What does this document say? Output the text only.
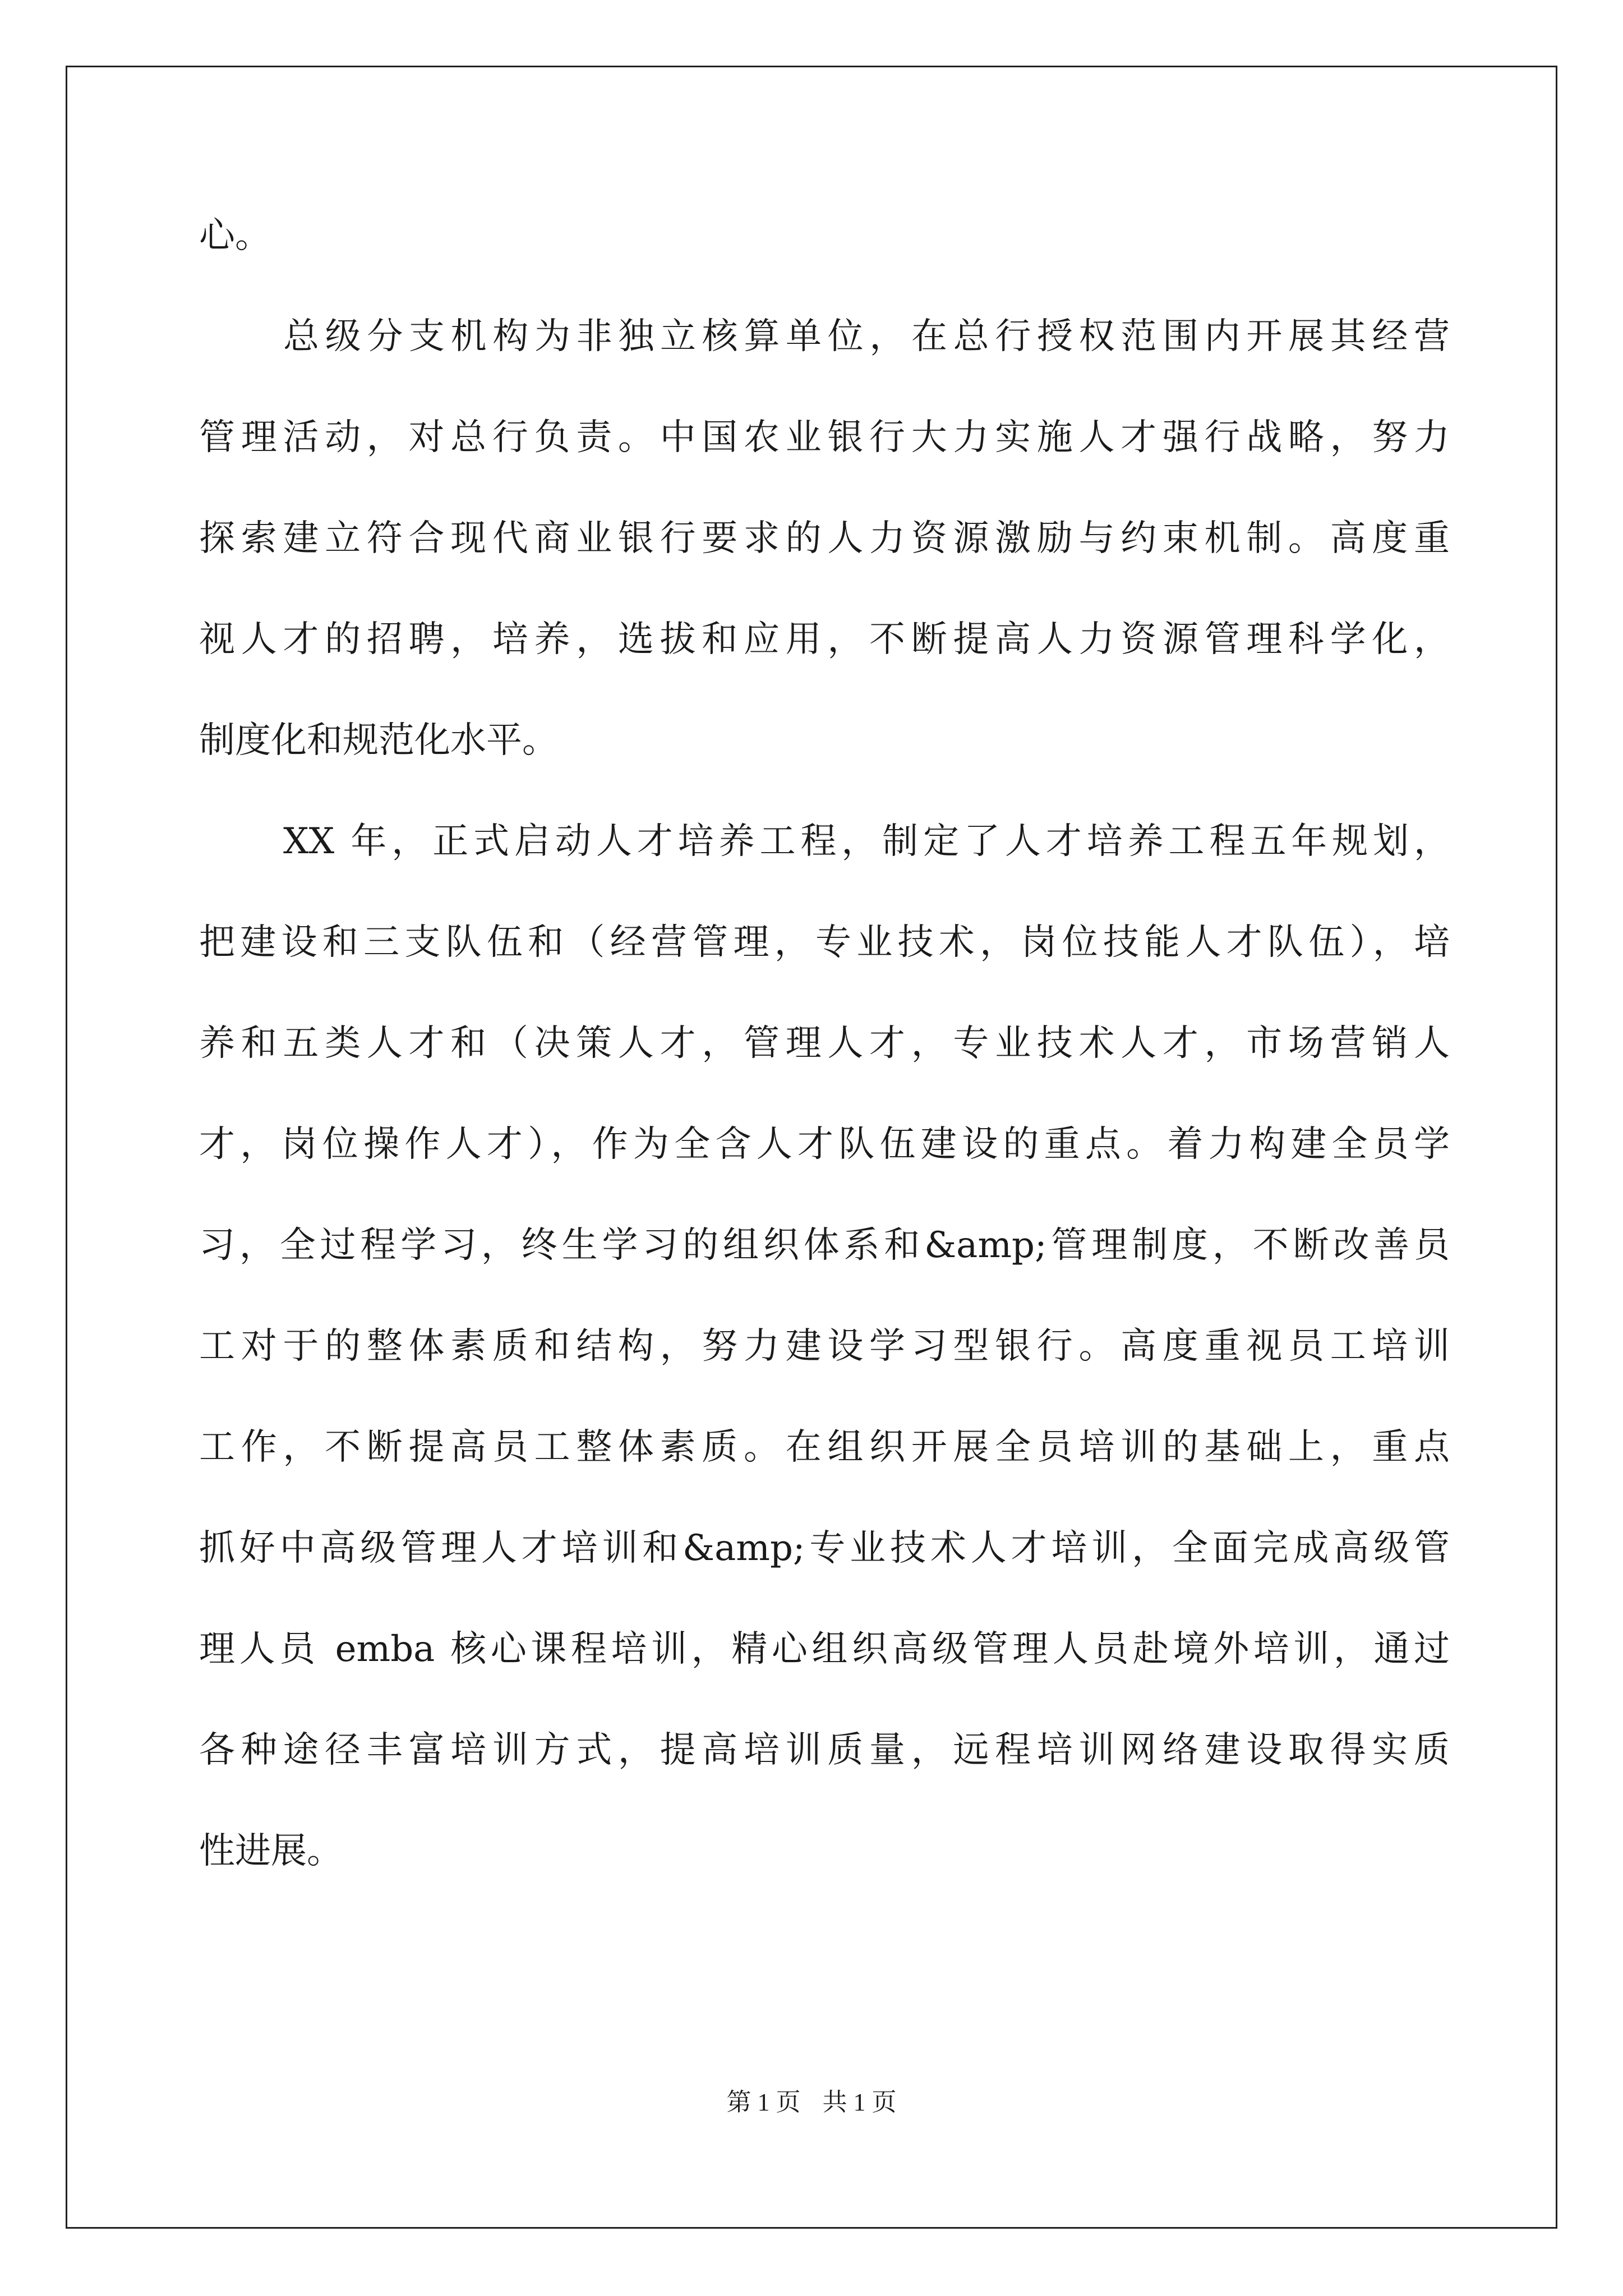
心。
总级分支机构为非独立核算单位，在总行授权范围内开展其经营
管理活动，对总行负责。中国农业银行大力实施人才强行战略，努力
探索建立符合现代商业银行要求的人力资源激励与约束机制。高度重
视人才的招聘，培养，选拔和应用，不断提高人力资源管理科学化，
制度化和规范化水平。
XX 年，正式启动人才培养工程，制定了人才培养工程五年规划，
把建设和三支队伍和（经营管理，专业技术，岗位技能人才队伍），培
养和五类人才和（决策人才，管理人才，专业技术人才，市场营销人
才，岗位操作人才），作为全含人才队伍建设的重点。着力构建全员学
习，全过程学习，终生学习的组织体系和&amp;管理制度，不断改善员
工对于的整体素质和结构，努力建设学习型银行。高度重视员工培训
工作，不断提高员工整体素质。在组织开展全员培训的基础上，重点
抓好中高级管理人才培训和&amp;专业技术人才培训，全面完成高级管
理人员 emba 核心课程培训，精心组织高级管理人员赴境外培训，通过
各种途径丰富培训方式，提高培训质量，远程培训网络建设取得实质
性进展。
第 1 页 共 1 页
